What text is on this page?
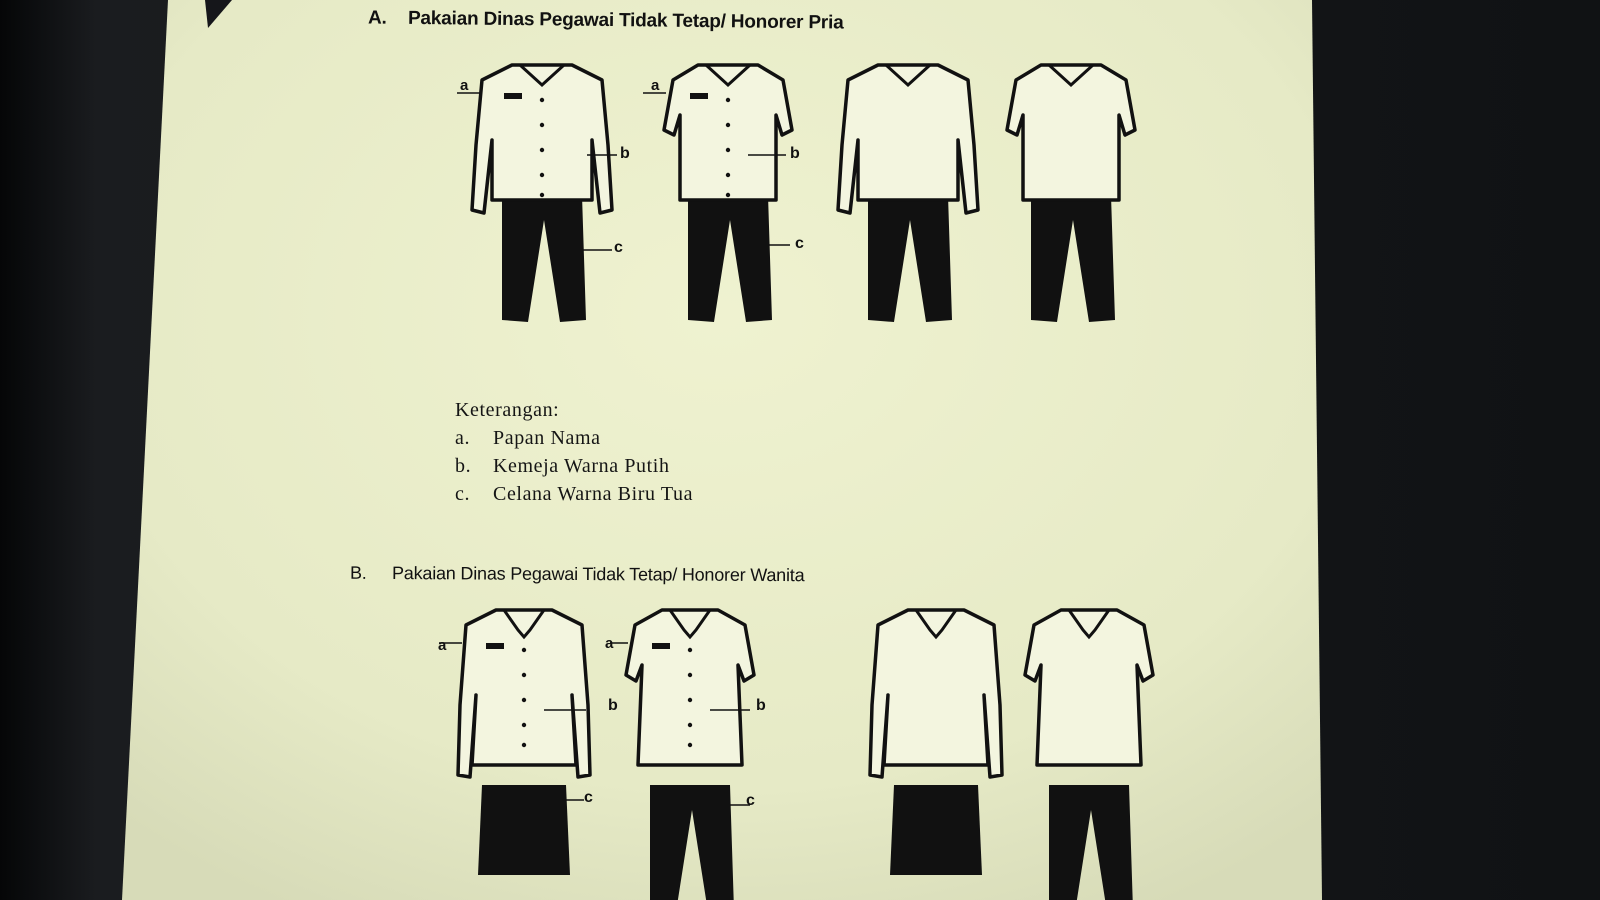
a
b
c
a
b
c
a
b
c
a
b
c
A. Pakaian Dinas Pegawai Tidak Tetap/ Honorer Pria
Keterangan:
a. Papan Nama
b. Kemeja Warna Putih
c. Celana Warna Biru Tua
B. Pakaian Dinas Pegawai Tidak Tetap/ Honorer Wanita
